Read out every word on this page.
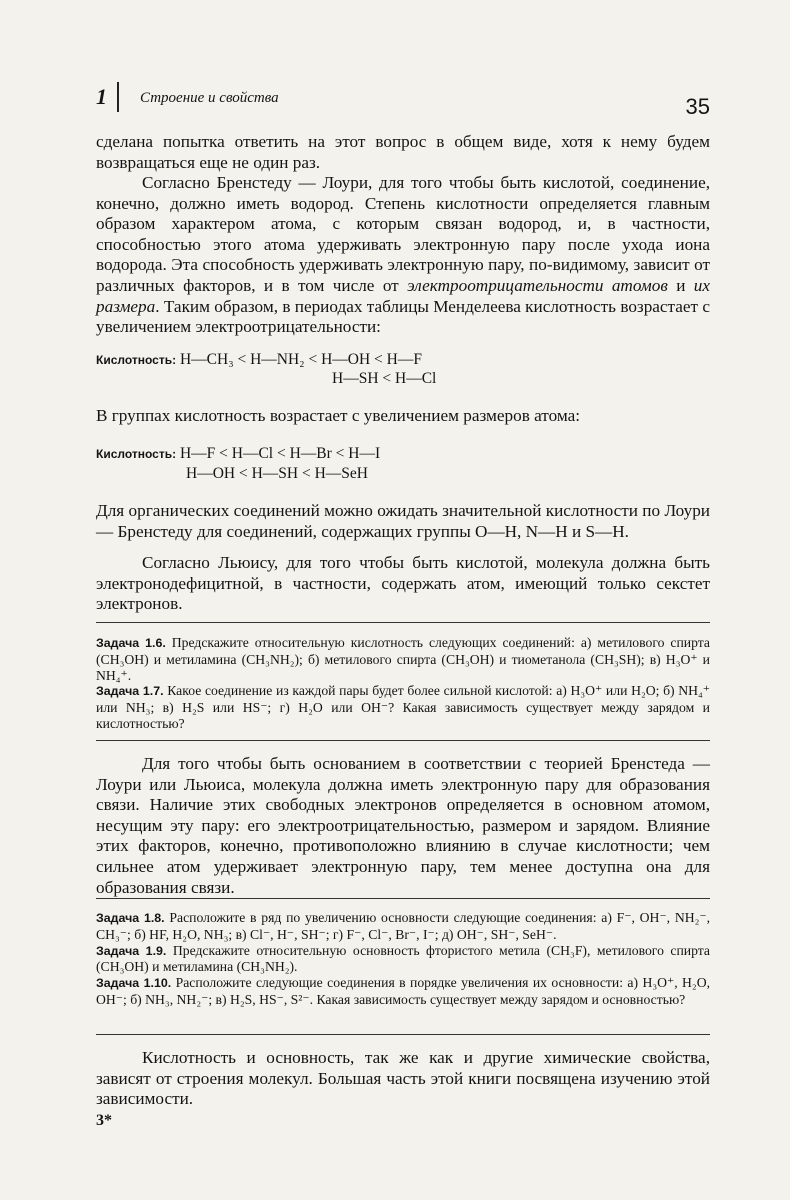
1 Строение и свойства	35

сделана попытка ответить на этот вопрос в общем виде, хотя к нему будем возвращаться еще не один раз.

Согласно Бренстеду — Лоури, для того чтобы быть кислотой, соединение, конечно, должно иметь водород. Степень кислотности определяется главным образом характером атома, с которым связан водород, и, в частности, способностью этого атома удерживать электронную пару после ухода иона водорода. Эта способность удерживать электронную пару, по-видимому, зависит от различных факторов, и в том числе от электроотрицательности атомов и их размера. Таким образом, в периодах таблицы Менделеева кислотность возрастает с увеличением электроотрицательности:

Кислотность: H—CH₃ < H—NH₂ < H—OH < H—F
H—SH < H—Cl

В группах кислотность возрастает с увеличением размеров атома:

Кислотность: H—F < H—Cl < H—Br < H—I
H—OH < H—SH < H—SeH

Для органических соединений можно ожидать значительной кислотности по Лоури — Бренстеду для соединений, содержащих группы О—Н, N—H и S—H.

Согласно Льюису, для того чтобы быть кислотой, молекула должна быть электронодефицитной, в частности, содержать атом, имеющий только секстет электронов.

Задача 1.6. Предскажите относительную кислотность следующих соединений: а) метилового спирта (CH₃OH) и метиламина (CH₃NH₂); б) метилового спирта (CH₃OH) и тиометанола (CH₃SH); в) H₃O⁺ и NH₄⁺.

Задача 1.7. Какое соединение из каждой пары будет более сильной кислотой: а) H₃O⁺ или H₂O; б) NH₄⁺ или NH₃; в) H₂S или HS⁻; г) H₂O или OH⁻? Какая зависимость существует между зарядом и кислотностью?

Для того чтобы быть основанием в соответствии с теорией Бренстеда — Лоури или Льюиса, молекула должна иметь электронную пару для образования связи. Наличие этих свободных электронов определяется в основном атомом, несущим эту пару: его электроотрицательностью, размером и зарядом. Влияние этих факторов, конечно, противоположно влиянию в случае кислотности; чем сильнее атом удерживает электронную пару, тем менее доступна она для образования связи.

Задача 1.8. Расположите в ряд по увеличению основности следующие соединения: а) F⁻, OH⁻, NH₂⁻, CH₃⁻; б) HF, H₂O, NH₃; в) Cl⁻, H⁻, SH⁻; г) F⁻, Cl⁻, Br⁻, I⁻; д) OH⁻, SH⁻, SeH⁻.

Задача 1.9. Предскажите относительную основность фтористого метила (CH₃F), метилового спирта (CH₃OH) и метиламина (CH₃NH₂).

Задача 1.10. Расположите следующие соединения в порядке увеличения их основности: а) H₃O⁺, H₂O, OH⁻; б) NH₃, NH₂⁻; в) H₂S, HS⁻, S²⁻. Какая зависимость существует между зарядом и основностью?

Кислотность и основность, так же как и другие химические свойства, зависят от строения молекул. Большая часть этой книги посвящена изучению этой зависимости.

3*
